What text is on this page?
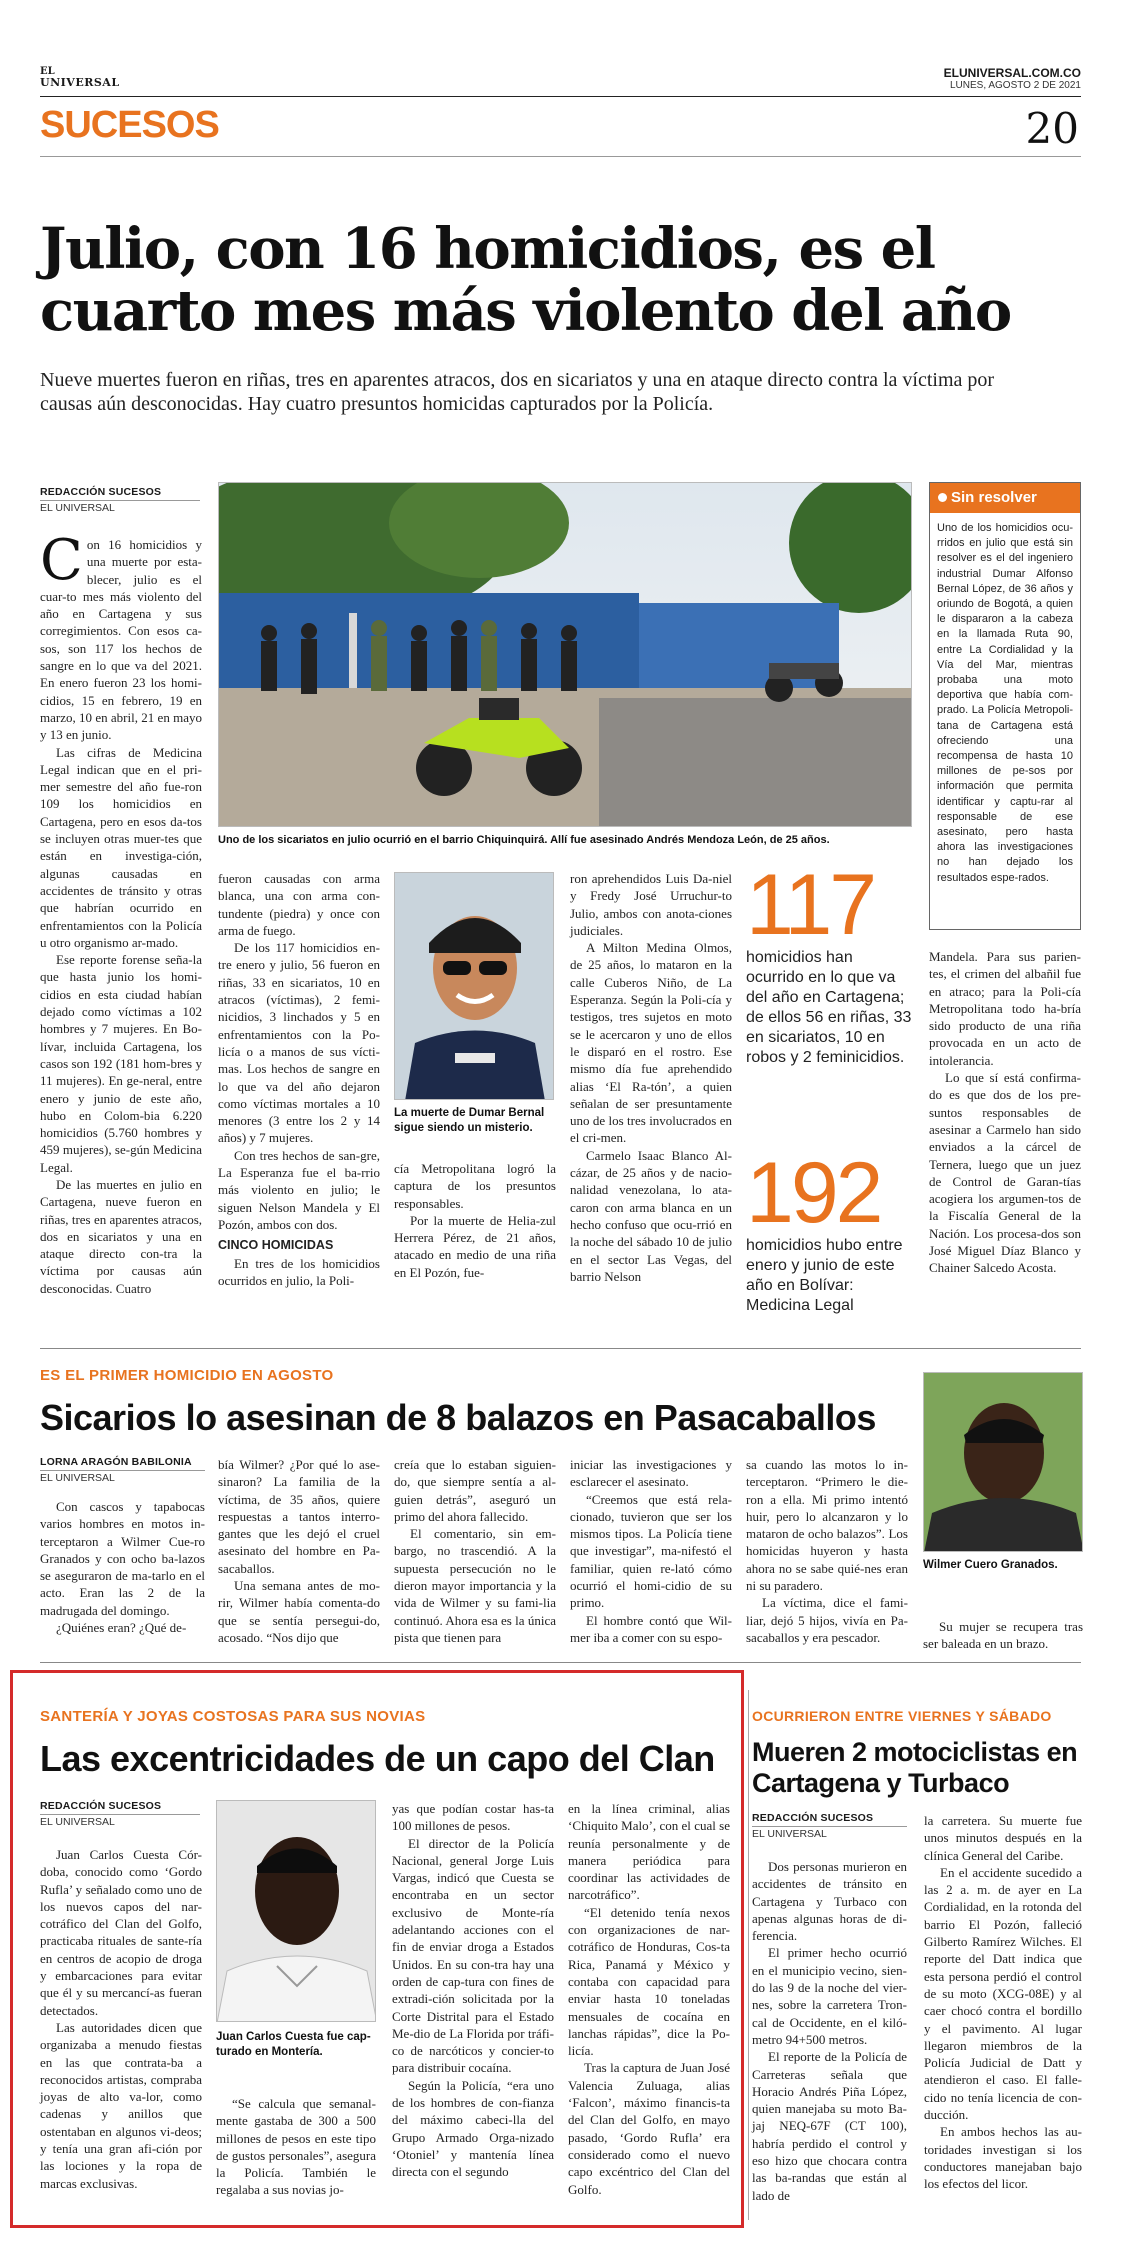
EL
UNIVERSAL
ELUNIVERSAL.COM.CO
LUNES, AGOSTO 2 DE 2021
SUCESOS	20
Julio, con 16 homicidios, es el cuarto mes más violento del año
Nueve muertes fueron en riñas, tres en aparentes atracos, dos en sicariatos y una en ataque directo contra la víctima por causas aún desconocidas. Hay cuatro presuntos homicidas capturados por la Policía.
REDACCIÓN SUCESOS
EL UNIVERSAL
Uno de los sicariatos en julio ocurrió en el barrio Chiquinquirá. Allí fue asesinado Andrés Mendoza León, de 25 años.
Sin resolver
Uno de los homicidios ocu-rridos en julio que está sin resolver es el del ingeniero industrial Dumar Alfonso Bernal López, de 36 años y oriundo de Bogotá, a quien le dispararon a la cabeza en la llamada Ruta 90, entre La Cordialidad y la Vía del Mar, mientras probaba una moto deportiva que había com-prado. La Policía Metropoli-tana de Cartagena está ofreciendo una recompensa de hasta 10 millones de pe-sos por información que permita identificar y captu-rar al responsable de ese asesinato, pero hasta ahora las investigaciones no han dejado los resultados espe-rados.

Con 16 homicidios y una muerte por esta-blecer, julio es el cuar-to mes más violento del año en Cartagena y sus corregimientos. Con esos ca-sos, son 117 los hechos de sangre en lo que va del 2021. En enero fueron 23 los homi-cidios, 15 en febrero, 19 en marzo, 10 en abril, 21 en mayo y 13 en junio.

Las cifras de Medicina Legal indican que en el pri-mer semestre del año fue-ron 109 los homicidios en Cartagena, pero en esos da-tos se incluyen otras muer-tes que están en investiga-ción, algunas causadas en accidentes de tránsito y otras que habrían ocurrido en enfrentamientos con la Policía u otro organismo ar-mado.

Ese reporte forense seña-la que hasta junio los homi-cidios en esta ciudad habían dejado como víctimas a 102 hombres y 7 mujeres. En Bo-lívar, incluida Cartagena, los casos son 192 (181 hom-bres y 11 mujeres). En ge-neral, entre enero y junio de este año, hubo en Colom-bia 6.220 homicidios (5.760 hombres y 459 mujeres), se-gún Medicina Legal.

De las muertes en julio en Cartagena, nueve fueron en riñas, tres en aparentes atracos, dos en sicariatos y una en ataque directo con-tra la víctima por causas aún desconocidas. Cuatro

fueron causadas con arma blanca, una con arma con-tundente (piedra) y once con arma de fuego.

De los 117 homicidios en-tre enero y julio, 56 fueron en riñas, 33 en sicariatos, 10 en atracos (víctimas), 2 femi-nicidios, 3 linchados y 5 en enfrentamientos con la Po-licía o a manos de sus vícti-mas. Los hechos de sangre en lo que va del año dejaron como víctimas mortales a 10 menores (3 entre los 2 y 14 años) y 7 mujeres.

Con tres hechos de san-gre, La Esperanza fue el ba-rrio más violento en julio; le siguen Nelson Mandela y El Pozón, ambos con dos.

CINCO HOMICIDAS

En tres de los homicidios ocurridos en julio, la Poli-

La muerte de Dumar Bernal sigue siendo un misterio.

cía Metropolitana logró la captura de los presuntos responsables.

Por la muerte de Helia-zul Herrera Pérez, de 21 años, atacado en medio de una riña en El Pozón, fue-

ron aprehendidos Luis Da-niel y Fredy José Urruchur-to Julio, ambos con anota-ciones judiciales.

A Milton Medina Olmos, de 25 años, lo mataron en la calle Cuberos Niño, de La Esperanza. Según la Poli-cía y testigos, tres sujetos en moto se le acercaron y uno de ellos le disparó en el rostro. Ese mismo día fue aprehendido alias ‘El Ra-tón’, a quien señalan de ser presuntamente uno de los tres involucrados en el cri-men.

Carmelo Isaac Blanco Al-cázar, de 25 años y de nacio-nalidad venezolana, lo ata-caron con arma blanca en un hecho confuso que ocu-rrió en la noche del sábado 10 de julio en el sector Las Vegas, del barrio Nelson

117
homicidios han ocurrido en lo que va del año en Cartagena; de ellos 56 en riñas, 33 en sicariatos, 10 en robos y 2 feminicidios.
192
homicidios hubo entre enero y junio de este año en Bolívar: Medicina Legal

Mandela. Para sus parien-tes, el crimen del albañil fue en atraco; para la Poli-cía Metropolitana todo ha-bría sido producto de una riña provocada en un acto de intolerancia.

Lo que sí está confirma-do es que dos de los pre-suntos responsables de asesinar a Carmelo han sido enviados a la cárcel de Ternera, luego que un juez de Control de Garan-tías acogiera los argumen-tos de la Fiscalía General de la Nación. Los procesa-dos son José Miguel Díaz Blanco y Chainer Salcedo Acosta.

ES EL PRIMER HOMICIDIO EN AGOSTO
Sicarios lo asesinan de 8 balazos en Pasacaballos
LORNA ARAGÓN BABILONIA
EL UNIVERSAL
Wilmer Cuero Granados.

Con cascos y tapabocas varios hombres en motos in-terceptaron a Wilmer Cue-ro Granados y con ocho ba-lazos se aseguraron de ma-tarlo en el acto. Eran las 2 de la madrugada del domingo.

¿Quiénes eran? ¿Qué de-

bía Wilmer? ¿Por qué lo ase-sinaron? La familia de la víctima, de 35 años, quiere respuestas a tantos interro-gantes que les dejó el cruel asesinato del hombre en Pa-sacaballos.

Una semana antes de mo-rir, Wilmer había comenta-do que se sentía persegui-do, acosado. “Nos dijo que

creía que lo estaban siguien-do, que siempre sentía a al-guien detrás”, aseguró un primo del ahora fallecido.

El comentario, sin em-bargo, no trascendió. A la supuesta persecución no le dieron mayor importancia y la vida de Wilmer y su fami-lia continuó. Ahora esa es la única pista que tienen para

iniciar las investigaciones y esclarecer el asesinato.

“Creemos que está rela-cionado, tuvieron que ser los mismos tipos. La Policía tiene que investigar”, ma-nifestó el familiar, quien re-lató cómo ocurrió el homi-cidio de su primo.

El hombre contó que Wil-mer iba a comer con su espo-

sa cuando las motos lo in-terceptaron. “Primero le die-ron a ella. Mi primo intentó huir, pero lo alcanzaron y lo mataron de ocho balazos”. Los homicidas huyeron y hasta ahora no se sabe quié-nes eran ni su paradero.

La víctima, dice el fami-liar, dejó 5 hijos, vivía en Pa-sacaballos y era pescador.

Su mujer se recupera tras ser baleada en un brazo.

SANTERÍA Y JOYAS COSTOSAS PARA SUS NOVIAS
Las excentricidades de un capo del Clan
REDACCIÓN SUCESOS
EL UNIVERSAL

Juan Carlos Cuesta Cór-doba, conocido como ‘Gordo Rufla’ y señalado como uno de los nuevos capos del nar-cotráfico del Clan del Golfo, practicaba rituales de sante-ría en centros de acopio de droga y embarcaciones para evitar que él y su mercancí-as fueran detectados.

Las autoridades dicen que organizaba a menudo fiestas en las que contrata-ba a reconocidos artistas, compraba joyas de alto va-lor, como cadenas y anillos que ostentaban en algunos vi-deos; y tenía una gran afi-ción por las lociones y la ropa de marcas exclusivas.

Juan Carlos Cuesta fue cap-turado en Montería.

“Se calcula que semanal-mente gastaba de 300 a 500 millones de pesos en este tipo de gustos personales”, asegura la Policía. También le regalaba a sus novias jo-

yas que podían costar has-ta 100 millones de pesos.

El director de la Policía Nacional, general Jorge Luis Vargas, indicó que Cuesta se encontraba en un sector exclusivo de Monte-ría adelantando acciones con el fin de enviar droga a Estados Unidos. En su con-tra hay una orden de cap-tura con fines de extradi-ción solicitada por la Corte Distrital para el Estado Me-dio de La Florida por tráfi-co de narcóticos y concier-to para distribuir cocaína.

Según la Policía, “era uno de los hombres de con-fianza del máximo cabeci-lla del Grupo Armado Orga-nizado ‘Otoniel’ y mantenía línea directa con el segundo

en la línea criminal, alias ‘Chiquito Malo’, con el cual se reunía personalmente y de manera periódica para coordinar las actividades de narcotráfico”.

“El detenido tenía nexos con organizaciones de nar-cotráfico de Honduras, Cos-ta Rica, Panamá y México y contaba con capacidad para enviar hasta 10 toneladas mensuales de cocaína en lanchas rápidas”, dice la Po-licía.

Tras la captura de Juan José Valencia Zuluaga, alias ‘Falcon’, máximo financis-ta del Clan del Golfo, en mayo pasado, ‘Gordo Rufla’ era considerado como el nuevo capo excéntrico del Clan del Golfo.

OCURRIERON ENTRE VIERNES Y SÁBADO
Mueren 2 motociclistas en Cartagena y Turbaco
REDACCIÓN SUCESOS
EL UNIVERSAL

Dos personas murieron en accidentes de tránsito en Cartagena y Turbaco con apenas algunas horas de di-ferencia.

El primer hecho ocurrió en el municipio vecino, sien-do las 9 de la noche del vier-nes, sobre la carretera Tron-cal de Occidente, en el kiló-metro 94+500 metros.

El reporte de la Policía de Carreteras señala que Horacio Andrés Piña López, quien manejaba su moto Ba-jaj NEQ-67F (CT 100), habría perdido el control y eso hizo que chocara contra las ba-randas que están al lado de

la carretera. Su muerte fue unos minutos después en la clínica General del Caribe.

En el accidente sucedido a las 2 a. m. de ayer en La Cordialidad, en la rotonda del barrio El Pozón, falleció Gilberto Ramírez Wilches. El reporte del Datt indica que esta persona perdió el control de su moto (XCG-08E) y al caer chocó contra el bordillo y el pavimento. Al lugar llegaron miembros de la Policía Judicial de Datt y atendieron el caso. El falle-cido no tenía licencia de con-ducción.

En ambos hechos las au-toridades investigan si los conductores manejaban bajo los efectos del licor.
